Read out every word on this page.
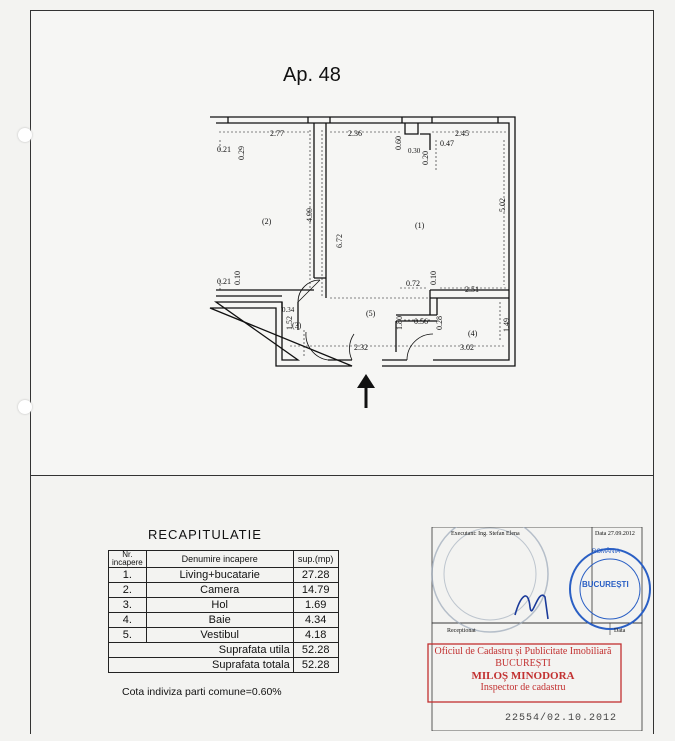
Ap. 48
2.77	2.36	2.45
0.21
0.47
0.30
0.21	0.72
2.51
0.34
0.56
2.32	3.02
0.29
4.99
0.10
0.60
0.20
5.02
6.72
0.10
1.52	1.80	0.28	1.49
(1)
(2)
(3)
(4)
(5)
RECAPITULATIE
Nr. incapere	Denumire incapere	sup.(mp)
1.	Living+bucatarie	27.28
2.	Camera	14.79
3.	Hol	1.69
4.	Baie	4.34
5.	Vestibul	4.18
Suprafata utila		52.28
Suprafata totala		52.28
Cota indiviza parti comune=0.60%
Executant: Ing. Stefan Elena	Data 27.09.2012
Receptionat	Data
BUCUREȘTI
ROMÂNIA
Oficiul de Cadastru și Publicitate Imobiliară
BUCUREȘTI
MILOȘ MINODORA
Inspector de cadastru
22554/02.10.2012
